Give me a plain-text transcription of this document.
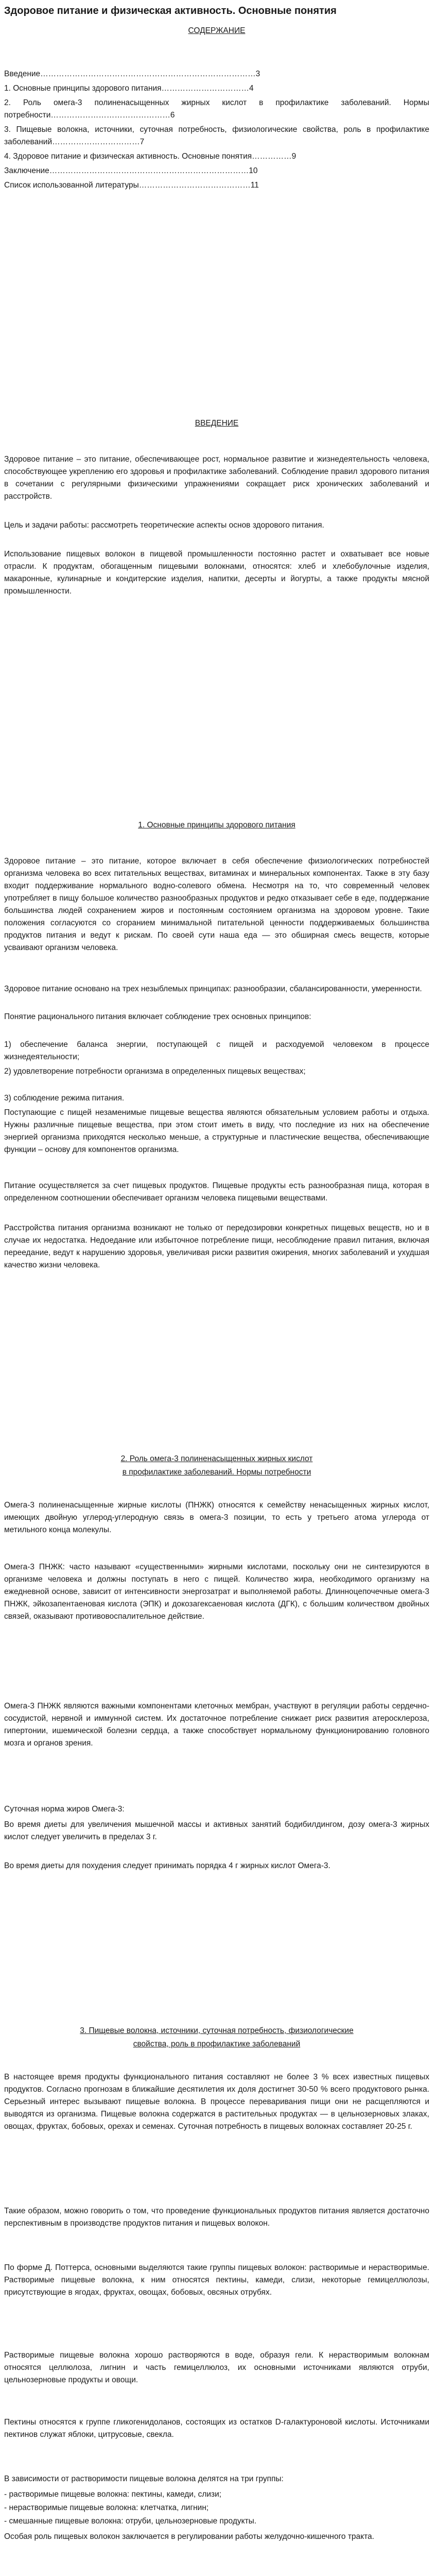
Здоровое питание и физическая активность. Основные понятия

СОДЕРЖАНИЕ

Введение………………………………………………………………………3

1. Основные принципы здорового питания……………………………4

2. Роль омега-3 полиненасыщенных жирных кислот в профилактике заболеваний. Нормы потребности………………………………………6

3. Пищевые волокна, источники, суточная потребность, физиологические свойства, роль в профилактике заболеваний……………………………7

4. Здоровое питание и физическая активность. Основные понятия……………9

Заключение…………………………………………………………………10

Список использованной литературы……………………………………11

ВВЕДЕНИЕ

Здоровое питание – это питание, обеспечивающее рост, нормальное развитие и жизнедеятельность человека, способствующее укреплению его здоровья и профилактике заболеваний. Соблюдение правил здорового питания в сочетании с регулярными физическими упражнениями сокращает риск хронических заболеваний и расстройств.

Цель и задачи работы: рассмотреть теоретические аспекты основ здорового питания.

Использование пищевых волокон в пищевой промышленности постоянно растет и охватывает все новые отрасли. К продуктам, обогащенным пищевыми волокнами, относятся: хлеб и хлебобулочные изделия, макаронные, кулинарные и кондитерские изделия, напитки, десерты и йогурты, а также продукты мясной промышленности.

1. Основные принципы здорового питания

Здоровое питание – это питание, которое включает в себя обеспечение физиологических потребностей организма человека во всех питательных веществах, витаминах и минеральных компонентах. Также в эту базу входит поддерживание нормального водно-солевого обмена. Несмотря на то, что современный человек употребляет в пищу большое количество разнообразных продуктов и редко отказывает себе в еде, поддержание большинства людей сохранением жиров и постоянным состоянием организма на здоровом уровне. Такие положения согласуются со сгоранием минимальной питательной ценности поддерживаемых большинства продуктов питания и ведут к рискам. По своей сути наша еда — это обширная смесь веществ, которые усваивают организм человека.

Здоровое питание основано на трех незыблемых принципах: разнообразии, сбалансированности, умеренности.

Понятие рационального питания включает соблюдение трех основных принципов:

1) обеспечение баланса энергии, поступающей с пищей и расходуемой человеком в процессе жизнедеятельности;

2) удовлетворение потребности организма в определенных пищевых веществах;

3) соблюдение режима питания.

Поступающие с пищей незаменимые пищевые вещества являются обязательным условием работы и отдыха. Нужны различные пищевые вещества, при этом стоит иметь в виду, что последние из них на обеспечение энергией организма приходятся несколько меньше, а структурные и пластические вещества, обеспечивающие функции – основу для компонентов организма.

Питание осуществляется за счет пищевых продуктов. Пищевые продукты есть разнообразная пища, которая в определенном соотношении обеспечивает организм человека пищевыми веществами.

Расстройства питания организма возникают не только от передозировки конкретных пищевых веществ, но и в случае их недостатка. Недоедание или избыточное потребление пищи, несоблюдение правил питания, включая переедание, ведут к нарушению здоровья, увеличивая риски развития ожирения, многих заболеваний и ухудшая качество жизни человека.

2. Роль омега-3 полиненасыщенных жирных кислот

в профилактике заболеваний. Нормы потребности

Омега-3 полиненасыщенные жирные кислоты (ПНЖК) относятся к семейству ненасыщенных жирных кислот, имеющих двойную углерод-углеродную связь в омега-3 позиции, то есть у третьего атома углерода от метильного конца молекулы.

Омега-3 ПНЖК: часто называют «существенными» жирными кислотами, поскольку они не синтезируются в организме человека и должны поступать в него с пищей. Количество жира, необходимого организму на ежедневной основе, зависит от интенсивности энергозатрат и выполняемой работы. Длинноцепочечные омега-3 ПНЖК, эйкозапентаеновая кислота (ЭПК) и докозагексаеновая кислота (ДГК), с большим количеством двойных связей, оказывают противовоспалительное действие.

Омега-3 ПНЖК являются важными компонентами клеточных мембран, участвуют в регуляции работы сердечно-сосудистой, нервной и иммунной систем. Их достаточное потребление снижает риск развития атеросклероза, гипертонии, ишемической болезни сердца, а также способствует нормальному функционированию головного мозга и органов зрения.

Суточная норма жиров Омега-3:

Во время диеты для увеличения мышечной массы и активных занятий бодибилдингом, дозу омега-3 жирных кислот следует увеличить в пределах 3 г.

Во время диеты для похудения следует принимать порядка 4 г жирных кислот Омега-3.

3. Пищевые волокна, источники, суточная потребность, физиологические

свойства, роль в профилактике заболеваний

В настоящее время продукты функционального питания составляют не более 3 % всех известных пищевых продуктов. Согласно прогнозам в ближайшие десятилетия их доля достигнет 30-50 % всего продуктового рынка. Серьезный интерес вызывают пищевые волокна. В процессе переваривания пищи они не расщепляются и выводятся из организма. Пищевые волокна содержатся в растительных продуктах — в цельнозерновых злаках, овощах, фруктах, бобовых, орехах и семенах. Суточная потребность в пищевых волокнах составляет 20-25 г.

Такие образом, можно говорить о том, что проведение функциональных продуктов питания является достаточно перспективным в производстве продуктов питания и пищевых волокон.

По форме Д. Поттерса, основными выделяются такие группы пищевых волокон: растворимые и нерастворимые. Растворимые пищевые волокна, к ним относятся пектины, камеди, слизи, некоторые гемицеллюлозы, присутствующие в ягодах, фруктах, овощах, бобовых, овсяных отрубях.

Растворимые пищевые волокна хорошо растворяются в воде, образуя гели. К нерастворимым волокнам относятся целлюлоза, лигнин и часть гемицеллюлоз, их основными источниками являются отруби, цельнозерновые продукты и овощи.

Пектины относятся к группе гликогенидоланов, состоящих из остатков D-галактуроновой кислоты. Источниками пектинов служат яблоки, цитрусовые, свекла.

В зависимости от растворимости пищевые волокна делятся на три группы:

- растворимые пищевые волокна: пектины, камеди, слизи;

- нерастворимые пищевые волокна: клетчатка, лигнин;

- смешанные пищевые волокна: отруби, цельнозерновые продукты.

Особая роль пищевых волокон заключается в регулировании работы желудочно-кишечного тракта.
